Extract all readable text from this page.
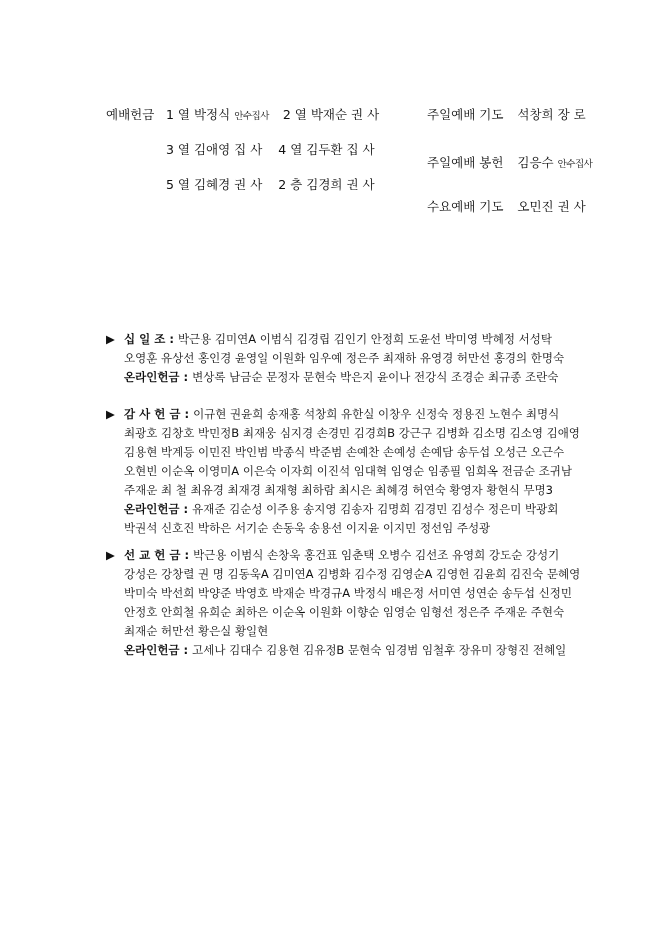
예배헌금 1 열 박정식 안수집사 2 열 박재순 권 사
3 열 김애영 집 사 4 열 김두환 집 사
5 열 김혜경 권 사 2 층 김경희 권 사
주일예배 기도 석창희 장 로
주일예배 봉헌 김응수 안수집사
수요예배 기도 오민진 권 사
▶ 십 일 조 : 박근용 김미연A 이범식 김경립 김인기 안정희 도윤선 박미영 박혜정 서성탁
오영훈 유상선 홍인경 윤영일 이원화 임우예 정은주 최재하 유영경 허만선 홍경의 한명숙
온라인헌금 : 변상록 남금순 문정자 문현숙 박은지 윤이나 전강식 조경순 최규종 조란숙
▶ 감 사 헌 금 : 이규현 권윤희 송재홍 석창희 유한실 이창우 신정숙 정용진 노현수 최명식
최광호 김창호 박민정B 최재웅 심지경 손경민 김경희B 강근구 김병화 김소명 김소영 김애영
김용현 박계등 이민진 박인범 박종식 박준범 손예찬 손예성 손예담 송두섭 오성근 오근수
오현빈 이순옥 이영미A 이은숙 이자희 이진석 임대혁 임영순 임종필 임희옥 전금순 조귀남
주재운 최 철 최유경 최재경 최재형 최하람 최시은 최혜경 허연숙 황영자 황현식 무명3
온라인헌금 : 유재준 김순성 이주용 송지영 김송자 김명희 김경민 김성수 정은미 박광회
박권석 신호진 박하은 서기순 손동욱 송용선 이지윤 이지민 정선임 주성광
▶ 선 교 헌 금 : 박근용 이범식 손창욱 홍건표 임춘택 오병수 김선조 유영희 강도순 강성기
강성은 강창렬 권 명 김동욱A 김미연A 김병화 김수정 김영순A 김영헌 김윤희 김진숙 문혜영
박미숙 박선희 박양준 박영호 박재순 박경규A 박정식 배은정 서미연 성연순 송두섭 신정민
안정호 안희철 유희순 최하은 이순옥 이원화 이향순 임영순 임형선 정은주 주재운 주현숙
최재순 허만선 황은실 황일현
온라인헌금 : 고세나 김대수 김용현 김유정B 문현숙 임경범 임철후 장유미 장형진 전혜일
